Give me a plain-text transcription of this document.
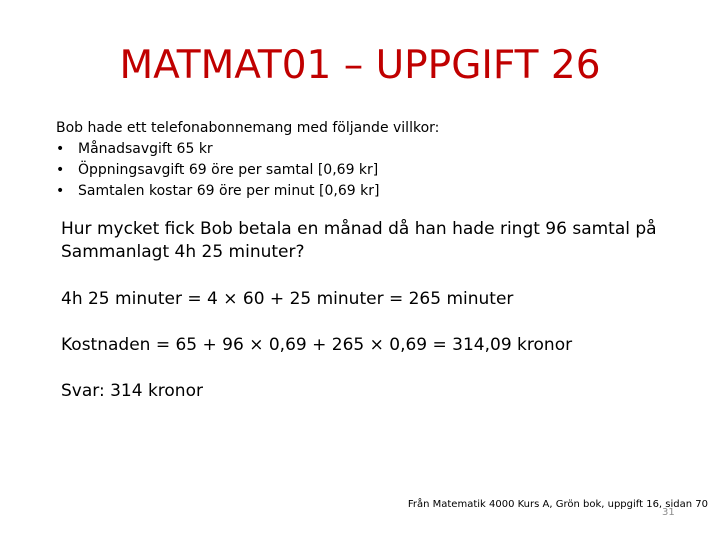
MATMAT01 – UPPGIFT 26
Bob hade ett telefonabonnemang med följande villkor:
• Månadsavgift 65 kr
• Öppningsavgift 69 öre per samtal [0,69 kr]
• Samtalen kostar 69 öre per minut [0,69 kr]
Hur mycket fick Bob betala en månad då han hade ringt 96 samtal på
Sammanlagt 4h 25 minuter?
4h 25 minuter = 4 × 60 + 25 minuter = 265 minuter
Kostnaden = 65 + 96 × 0,69 + 265 × 0,69 = 314,09 kronor
Svar: 314 kronor
31
Från Matematik 4000 Kurs A, Grön bok, uppgift 16, sidan 70
